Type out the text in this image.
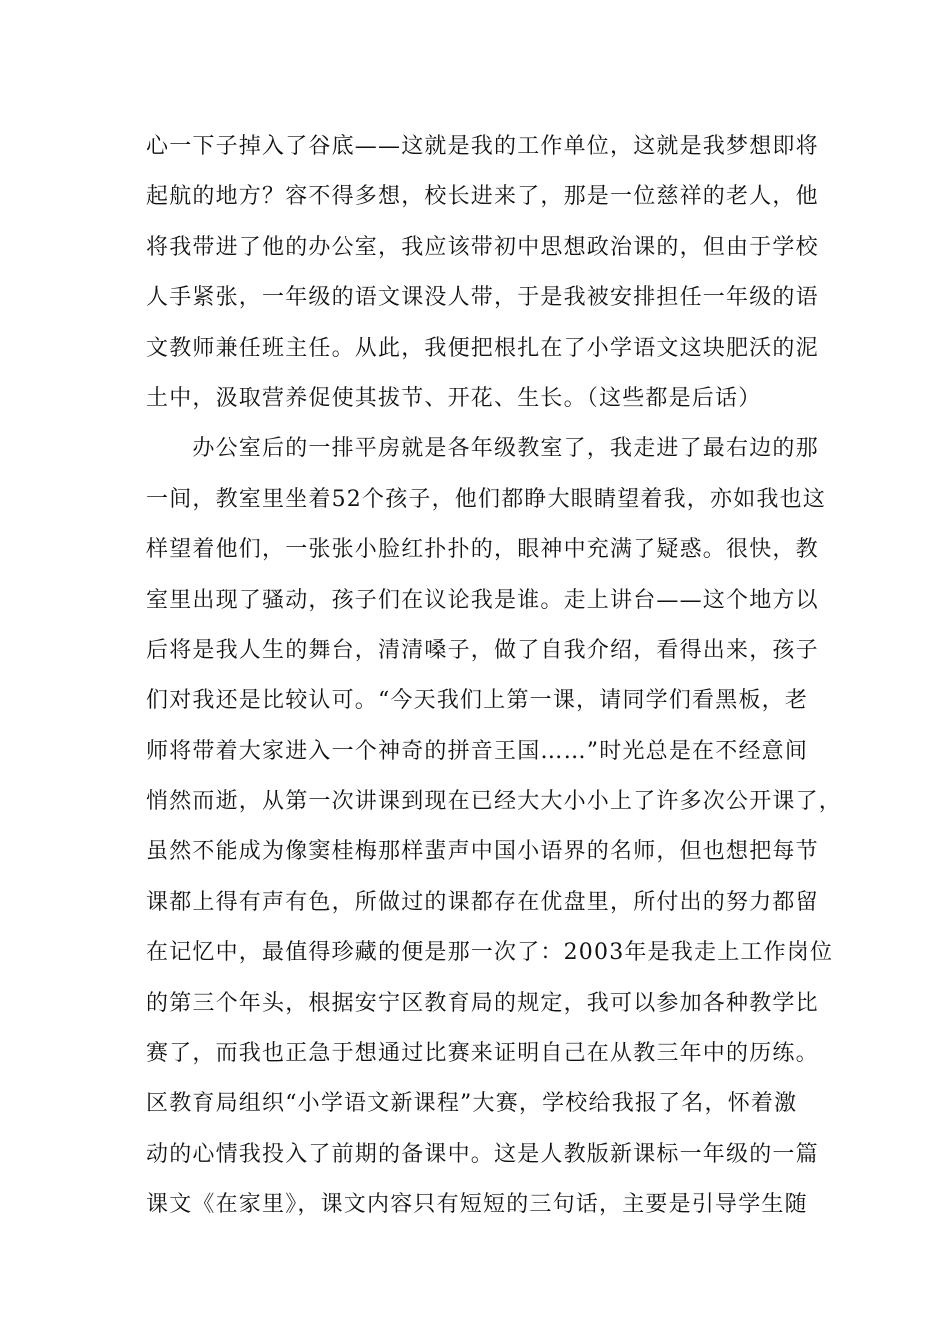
心一下子掉入了谷底——这就是我的工作单位，这就是我梦想即将
起航的地方？容不得多想，校长进来了，那是一位慈祥的老人，他
将我带进了他的办公室，我应该带初中思想政治课的，但由于学校
人手紧张，一年级的语文课没人带，于是我被安排担任一年级的语
文教师兼任班主任。从此，我便把根扎在了小学语文这块肥沃的泥
土中，汲取营养促使其拔节、开花、生长。（这些都是后话）
　　办公室后的一排平房就是各年级教室了，我走进了最右边的那
一间，教室里坐着52个孩子，他们都睁大眼睛望着我，亦如我也这
样望着他们，一张张小脸红扑扑的，眼神中充满了疑惑。很快，教
室里出现了骚动，孩子们在议论我是谁。走上讲台——这个地方以
后将是我人生的舞台，清清嗓子，做了自我介绍，看得出来，孩子
们对我还是比较认可。“今天我们上第一课，请同学们看黑板，老
师将带着大家进入一个神奇的拼音王国……”时光总是在不经意间
悄然而逝，从第一次讲课到现在已经大大小小上了许多次公开课了，
虽然不能成为像窦桂梅那样蜚声中国小语界的名师，但也想把每节
课都上得有声有色，所做过的课都存在优盘里，所付出的努力都留
在记忆中，最值得珍藏的便是那一次了：2003年是我走上工作岗位
的第三个年头，根据安宁区教育局的规定，我可以参加各种教学比
赛了，而我也正急于想通过比赛来证明自己在从教三年中的历练。
区教育局组织“小学语文新课程”大赛，学校给我报了名，怀着激
动的心情我投入了前期的备课中。这是人教版新课标一年级的一篇
课文《在家里》，课文内容只有短短的三句话，主要是引导学生随
